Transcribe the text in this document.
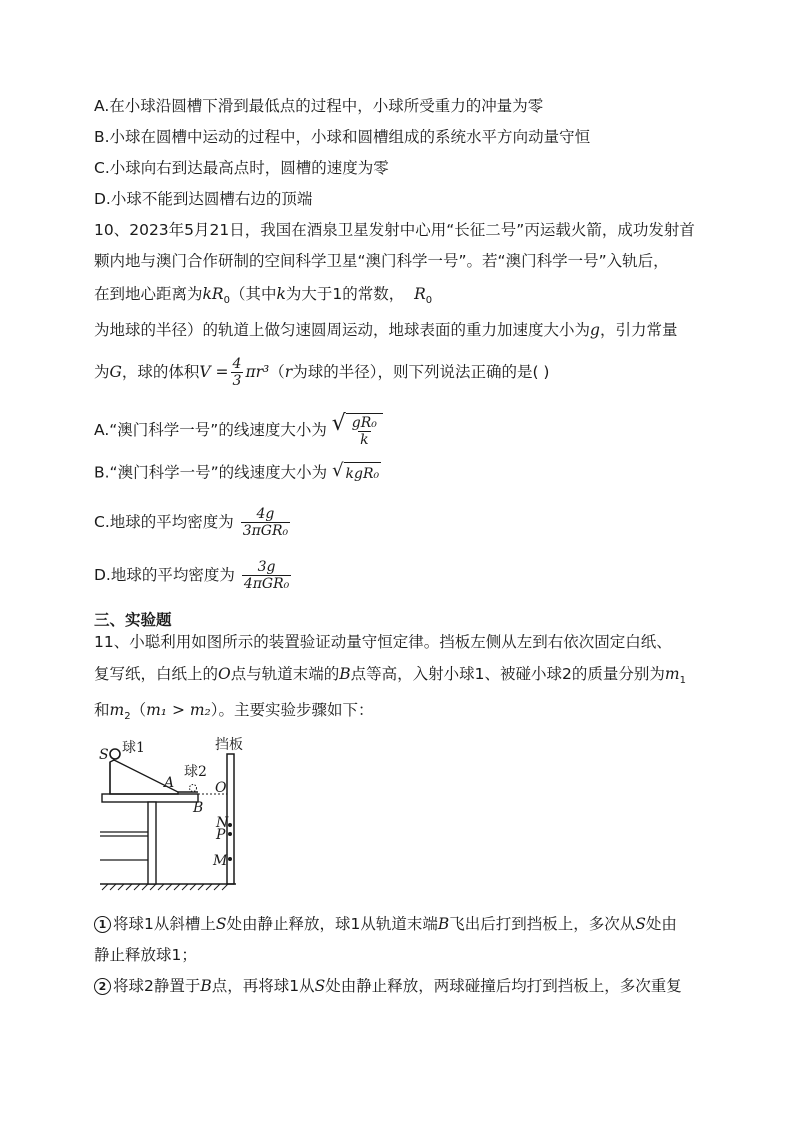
A.在小球沿圆槽下滑到最低点的过程中，小球所受重力的冲量为零
B.小球在圆槽中运动的过程中，小球和圆槽组成的系统水平方向动量守恒
C.小球向右到达最高点时，圆槽的速度为零
D.小球不能到达圆槽右边的顶端
10、2023年5月21日，我国在酒泉卫星发射中心用“长征二号”丙运载火箭，成功发射首
颗内地与澳门合作研制的空间科学卫星“澳门科学一号”。若“澳门科学一号”入轨后，
在到地心距离为$kR_0$（其中k为大于1的常数， $R_0$
为地球的半径）的轨道上做匀速圆周运动，地球表面的重力加速度大小为g，引力常量
为G，球的体积$V = \frac{4}{3} \pi r^3(r$为球的半径），则下列说法正确的是( )
A.“澳门科学一号”的线速度大小为 √ $\frac{\text{gR₀}}{k}$
B.“澳门科学一号”的线速度大小为 √ kgR₀
C.地球的平均密度为 $\frac{4g}{\text{3πGR₀}}$
D.地球的平均密度为 $\frac{3g}{\text{4πGR₀}}$
三、实验题
11、小聪利用如图所示的装置验证动量守恒定律。挡板左侧从左到右依次固定白纸、
复写纸，白纸上的O点与轨道末端的B点等高，入射小球1、被碰小球2的质量分别为$m_1$
和$m_2(m_1 > m_2)$。主要实验步骤如下：
挡板
S 球1
球2
A
B
O
N
P
M
1 将球1从斜槽上S处由静止释放，球1从轨道末端B飞出后打到挡板上，多次从S处由
静止释放球1；
2 将球2静置于B点，再将球1从S处由静止释放，两球碰撞后均打到挡板上，多次重复
